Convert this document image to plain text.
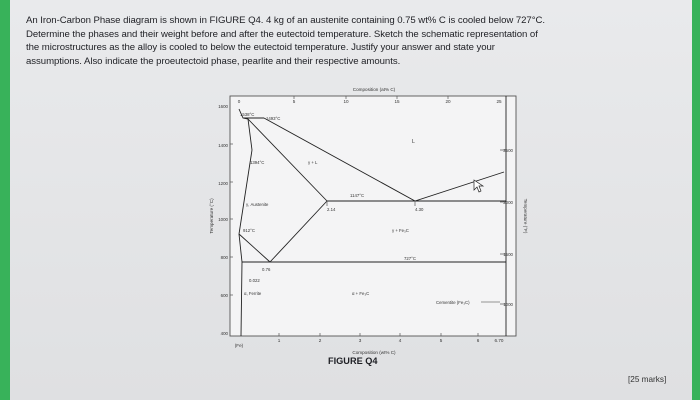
An Iron-Carbon Phase diagram is shown in FIGURE Q4. 4 kg of an austenite containing 0.75 wt% C is cooled below 727°C.
Determine the phases and their weight before and after the eutectoid temperature. Sketch the schematic representation of
the microstructures as the alloy is cooled to below the eutectoid temperature. Justify your answer and state your
assumptions. Also indicate the proeutectoid phase, pearlite and their respective amounts.
Composition (at% C)
0	5	10	15	20	25
Temperature (°C)
1600
1400
1200
1000
800
600
400
Temperature (°F)
2500
2000
1500
1000
(Fe)
1	2	3	4	5	6	6.70
Composition (wt% C)
1538°C
1493°C
1394°C
L
γ + L
1147°C
2.14	4.30
γ, Austenite
γ + Fe₃C
912°C
727°C
0.76
0.022
α, Ferrite	α + Fe₃C
Cementite (Fe₃C)
FIGURE Q4
[25 marks]
